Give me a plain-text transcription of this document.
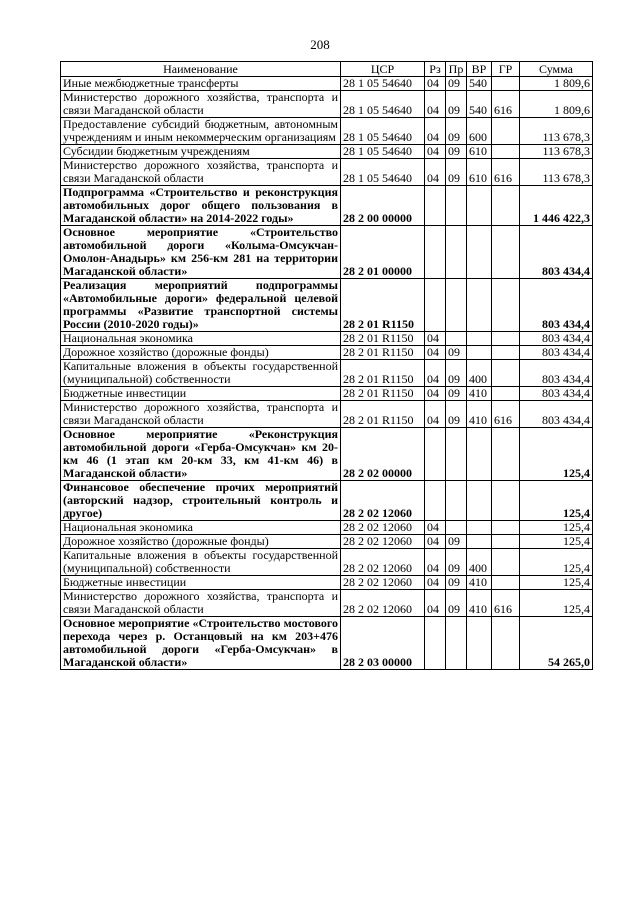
208
Наименование	ЦСР	Рз	Пр	ВР	ГР	Сумма
Иные межбюджетные трансферты	28 1 05 54640	04	09	540		1 809,6
Министерство дорожного хозяйства, транспорта и связи Магаданской области	28 1 05 54640	04	09	540	616	1 809,6
Предоставление субсидий бюджетным, автономным учреждениям и иным некоммерческим организациям	28 1 05 54640	04	09	600		113 678,3
Субсидии бюджетным учреждениям	28 1 05 54640	04	09	610		113 678,3
Министерство дорожного хозяйства, транспорта и связи Магаданской области	28 1 05 54640	04	09	610	616	113 678,3
Подпрограмма «Строительство и реконструкция автомобильных дорог общего пользования в Магаданской области» на 2014-2022 годы»	28 2 00 00000					1 446 422,3
Основное мероприятие «Строительство автомобильной дороги «Колыма-Омсукчан-Омолон-Анадырь» км 256-км 281 на территории Магаданской области»	28 2 01 00000					803 434,4
Реализация мероприятий подпрограммы «Автомобильные дороги» федеральной целевой программы «Развитие транспортной системы России (2010-2020 годы)»	28 2 01 R1150					803 434,4
Национальная экономика	28 2 01 R1150	04				803 434,4
Дорожное хозяйство (дорожные фонды)	28 2 01 R1150	04	09			803 434,4
Капитальные вложения в объекты государственной (муниципальной) собственности	28 2 01 R1150	04	09	400		803 434,4
Бюджетные инвестиции	28 2 01 R1150	04	09	410		803 434,4
Министерство дорожного хозяйства, транспорта и связи Магаданской области	28 2 01 R1150	04	09	410	616	803 434,4
Основное мероприятие «Реконструкция автомобильной дороги «Герба-Омсукчан» км 20-км 46 (1 этап км 20-км 33, км 41-км 46) в Магаданской области»	28 2 02 00000					125,4
Финансовое обеспечение прочих мероприятий (авторский надзор, строительный контроль и другое)	28 2 02 12060					125,4
Национальная экономика	28 2 02 12060	04				125,4
Дорожное хозяйство (дорожные фонды)	28 2 02 12060	04	09			125,4
Капитальные вложения в объекты государственной (муниципальной) собственности	28 2 02 12060	04	09	400		125,4
Бюджетные инвестиции	28 2 02 12060	04	09	410		125,4
Министерство дорожного хозяйства, транспорта и связи Магаданской области	28 2 02 12060	04	09	410	616	125,4
Основное мероприятие «Строительство мостового перехода через р. Останцовый на км 203+476 автомобильной дороги «Герба-Омсукчан» в Магаданской области»	28 2 03 00000					54 265,0
